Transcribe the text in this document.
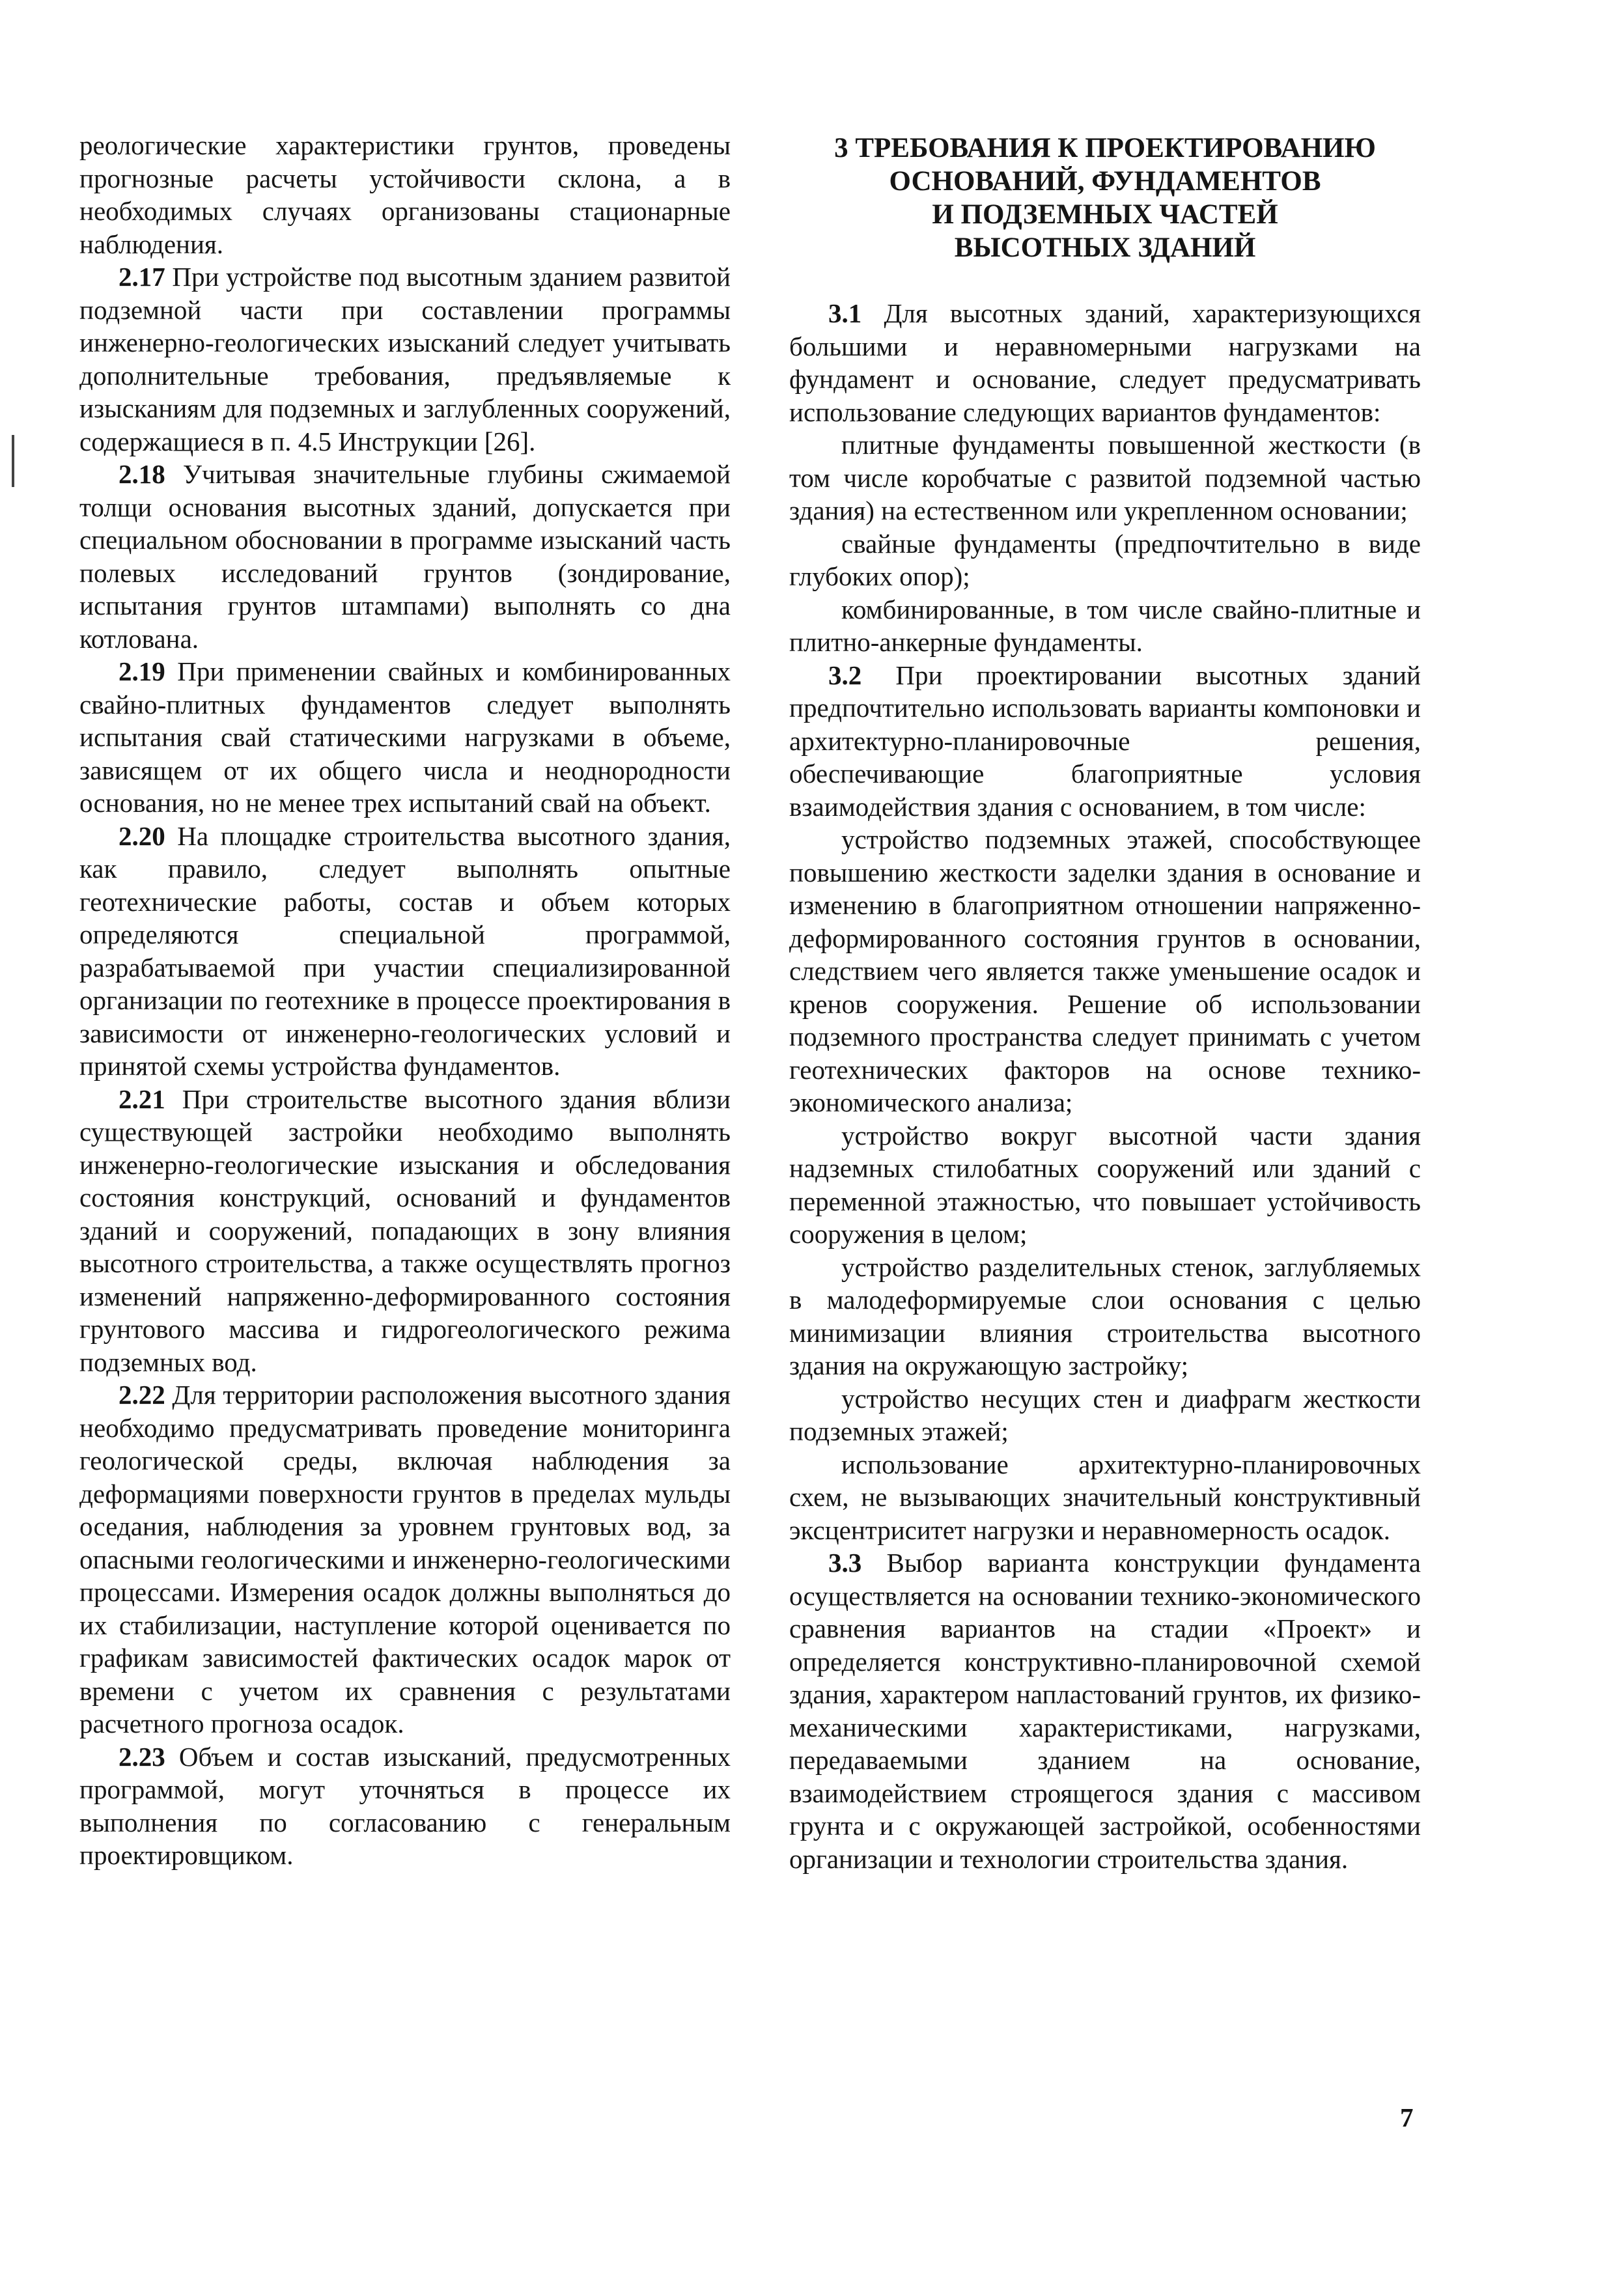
реологические характеристики грунтов, проведены прогнозные расчеты устойчивости склона, а в необходимых случаях организованы стационарные наблюдения.

2.17 При устройстве под высотным зданием развитой подземной части при составлении программы инженерно-геологических изысканий следует учитывать дополнительные требования, предъявляемые к изысканиям для подземных и заглубленных сооружений, содержащиеся в п. 4.5 Инструкции [26].

2.18 Учитывая значительные глубины сжимаемой толщи основания высотных зданий, допускается при специальном обосновании в программе изысканий часть полевых исследований грунтов (зондирование, испытания грунтов штампами) выполнять со дна котлована.

2.19 При применении свайных и комбинированных свайно-плитных фундаментов следует выполнять испытания свай статическими нагрузками в объеме, зависящем от их общего числа и неоднородности основания, но не менее трех испытаний свай на объект.

2.20 На площадке строительства высотного здания, как правило, следует выполнять опытные геотехнические работы, состав и объем которых определяются специальной программой, разрабатываемой при участии специализированной организации по геотехнике в процессе проектирования в зависимости от инженерно-геологических условий и принятой схемы устройства фундаментов.

2.21 При строительстве высотного здания вблизи существующей застройки необходимо выполнять инженерно-геологические изыскания и обследования состояния конструкций, оснований и фундаментов зданий и сооружений, попадающих в зону влияния высотного строительства, а также осуществлять прогноз изменений напряженно-деформированного состояния грунтового массива и гидрогеологического режима подземных вод.

2.22 Для территории расположения высотного здания необходимо предусматривать проведение мониторинга геологической среды, включая наблюдения за деформациями поверхности грунтов в пределах мульды оседания, наблюдения за уровнем грунтовых вод, за опасными геологическими и инженерно-геологическими процессами. Измерения осадок должны выполняться до их стабилизации, наступление которой оценивается по графикам зависимостей фактических осадок марок от времени с учетом их сравнения с результатами расчетного прогноза осадок.

2.23 Объем и состав изысканий, предусмотренных программой, могут уточняться в процессе их выполнения по согласованию с генеральным проектировщиком.

3 ТРЕБОВАНИЯ К ПРОЕКТИРОВАНИЮ
ОСНОВАНИЙ, ФУНДАМЕНТОВ
И ПОДЗЕМНЫХ ЧАСТЕЙ
ВЫСОТНЫХ ЗДАНИЙ

3.1 Для высотных зданий, характеризующихся большими и неравномерными нагрузками на фундамент и основание, следует предусматривать использование следующих вариантов фундаментов:

плитные фундаменты повышенной жесткости (в том числе коробчатые с развитой подземной частью здания) на естественном или укрепленном основании;

свайные фундаменты (предпочтительно в виде глубоких опор);

комбинированные, в том числе свайно-плитные и плитно-анкерные фундаменты.

3.2 При проектировании высотных зданий предпочтительно использовать варианты компоновки и архитектурно-планировочные решения, обеспечивающие благоприятные условия взаимодействия здания с основанием, в том числе:

устройство подземных этажей, способствующее повышению жесткости заделки здания в основание и изменению в благоприятном отношении напряженно-деформированного состояния грунтов в основании, следствием чего является также уменьшение осадок и кренов сооружения. Решение об использовании подземного пространства следует принимать с учетом геотехнических факторов на основе технико-экономического анализа;

устройство вокруг высотной части здания надземных стилобатных сооружений или зданий с переменной этажностью, что повышает устойчивость сооружения в целом;

устройство разделительных стенок, заглубляемых в малодеформируемые слои основания с целью минимизации влияния строительства высотного здания на окружающую застройку;

устройство несущих стен и диафрагм жесткости подземных этажей;

использование архитектурно-планировочных схем, не вызывающих значительный конструктивный эксцентриситет нагрузки и неравномерность осадок.

3.3 Выбор варианта конструкции фундамента осуществляется на основании технико-экономического сравнения вариантов на стадии «Проект» и определяется конструктивно-планировочной схемой здания, характером напластований грунтов, их физико-механическими характеристиками, нагрузками, передаваемыми зданием на основание, взаимодействием строящегося здания с массивом грунта и с окружающей застройкой, особенностями организации и технологии строительства здания.

7
